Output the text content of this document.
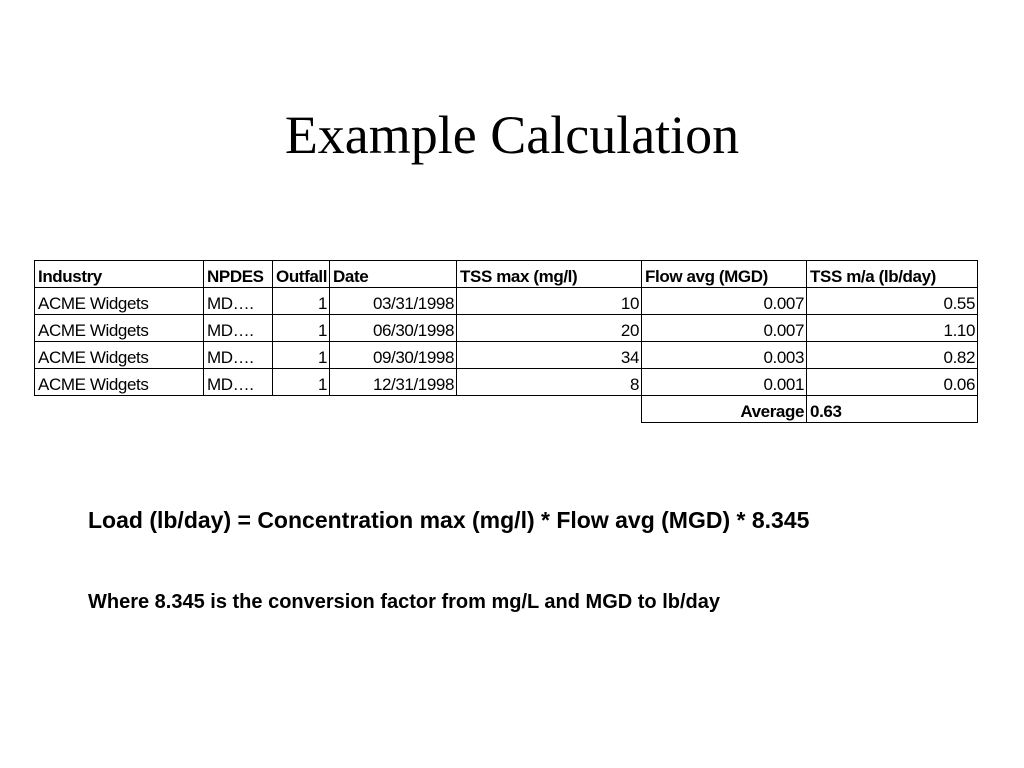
Example Calculation
Industry	NPDES	Outfall	Date	TSS max (mg/l)	Flow avg (MGD)	TSS m/a (lb/day)
ACME Widgets	MD….	1	03/31/1998	10	0.007	0.55
ACME Widgets	MD….	1	06/30/1998	20	0.007	1.10
ACME Widgets	MD….	1	09/30/1998	34	0.003	0.82
ACME Widgets	MD….	1	12/31/1998	8	0.001	0.06
					Average	0.63

Load (lb/day) = Concentration max (mg/l) * Flow avg (MGD) * 8.345

Where 8.345 is the conversion factor from mg/L and MGD to lb/day
